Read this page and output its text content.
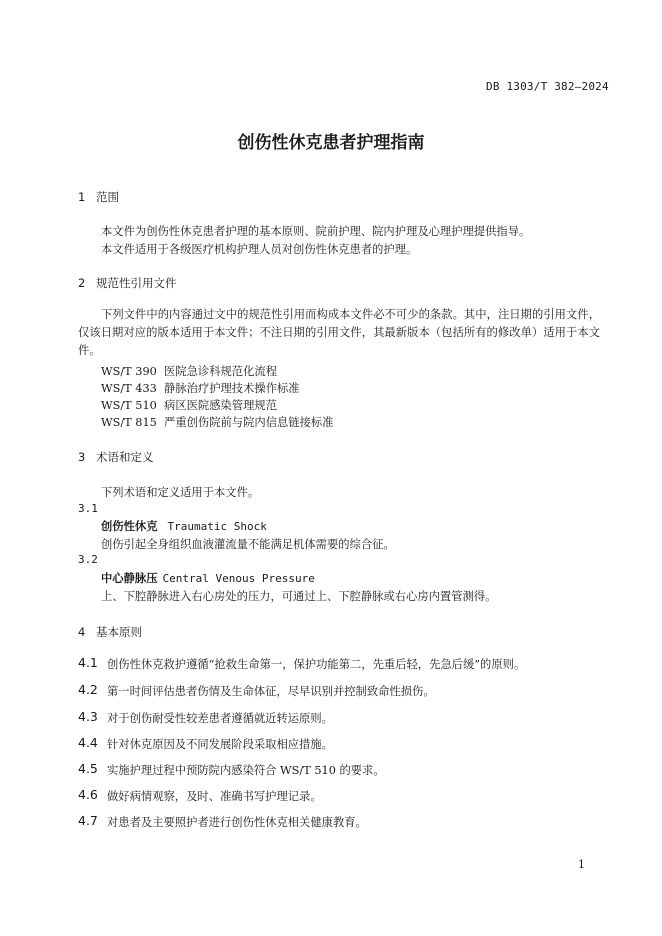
DB 1303/T 382—2024
创伤性休克患者护理指南
1 范围
本文件为创伤性休克患者护理的基本原则、院前护理、院内护理及心理护理提供指导。
本文件适用于各级医疗机构护理人员对创伤性休克患者的护理。
2 规范性引用文件
下列文件中的内容通过文中的规范性引用而构成本文件必不可少的条款。其中，注日期的引用文件，仅该日期对应的版本适用于本文件；不注日期的引用文件，其最新版本（包括所有的修改单）适用于本文件。
WS/T 390  医院急诊科规范化流程
WS/T 433  静脉治疗护理技术操作标准
WS/T 510  病区医院感染管理规范
WS/T 815  严重创伤院前与院内信息链接标准
3 术语和定义
下列术语和定义适用于本文件。
3.1
创伤性休克 Traumatic Shock
创伤引起全身组织血液灌流量不能满足机体需要的综合征。
3.2
中心静脉压 Central Venous Pressure
上、下腔静脉进入右心房处的压力，可通过上、下腔静脉或右心房内置管测得。
4 基本原则
4.1 创伤性休克救护遵循“抢救生命第一，保护功能第二，先重后轻，先急后缓”的原则。
4.2 第一时间评估患者伤情及生命体征，尽早识别并控制致命性损伤。
4.3 对于创伤耐受性较差患者遵循就近转运原则。
4.4 针对休克原因及不同发展阶段采取相应措施。
4.5 实施护理过程中预防院内感染符合 WS/T 510 的要求。
4.6 做好病情观察，及时、准确书写护理记录。
4.7 对患者及主要照护者进行创伤性休克相关健康教育。
1
